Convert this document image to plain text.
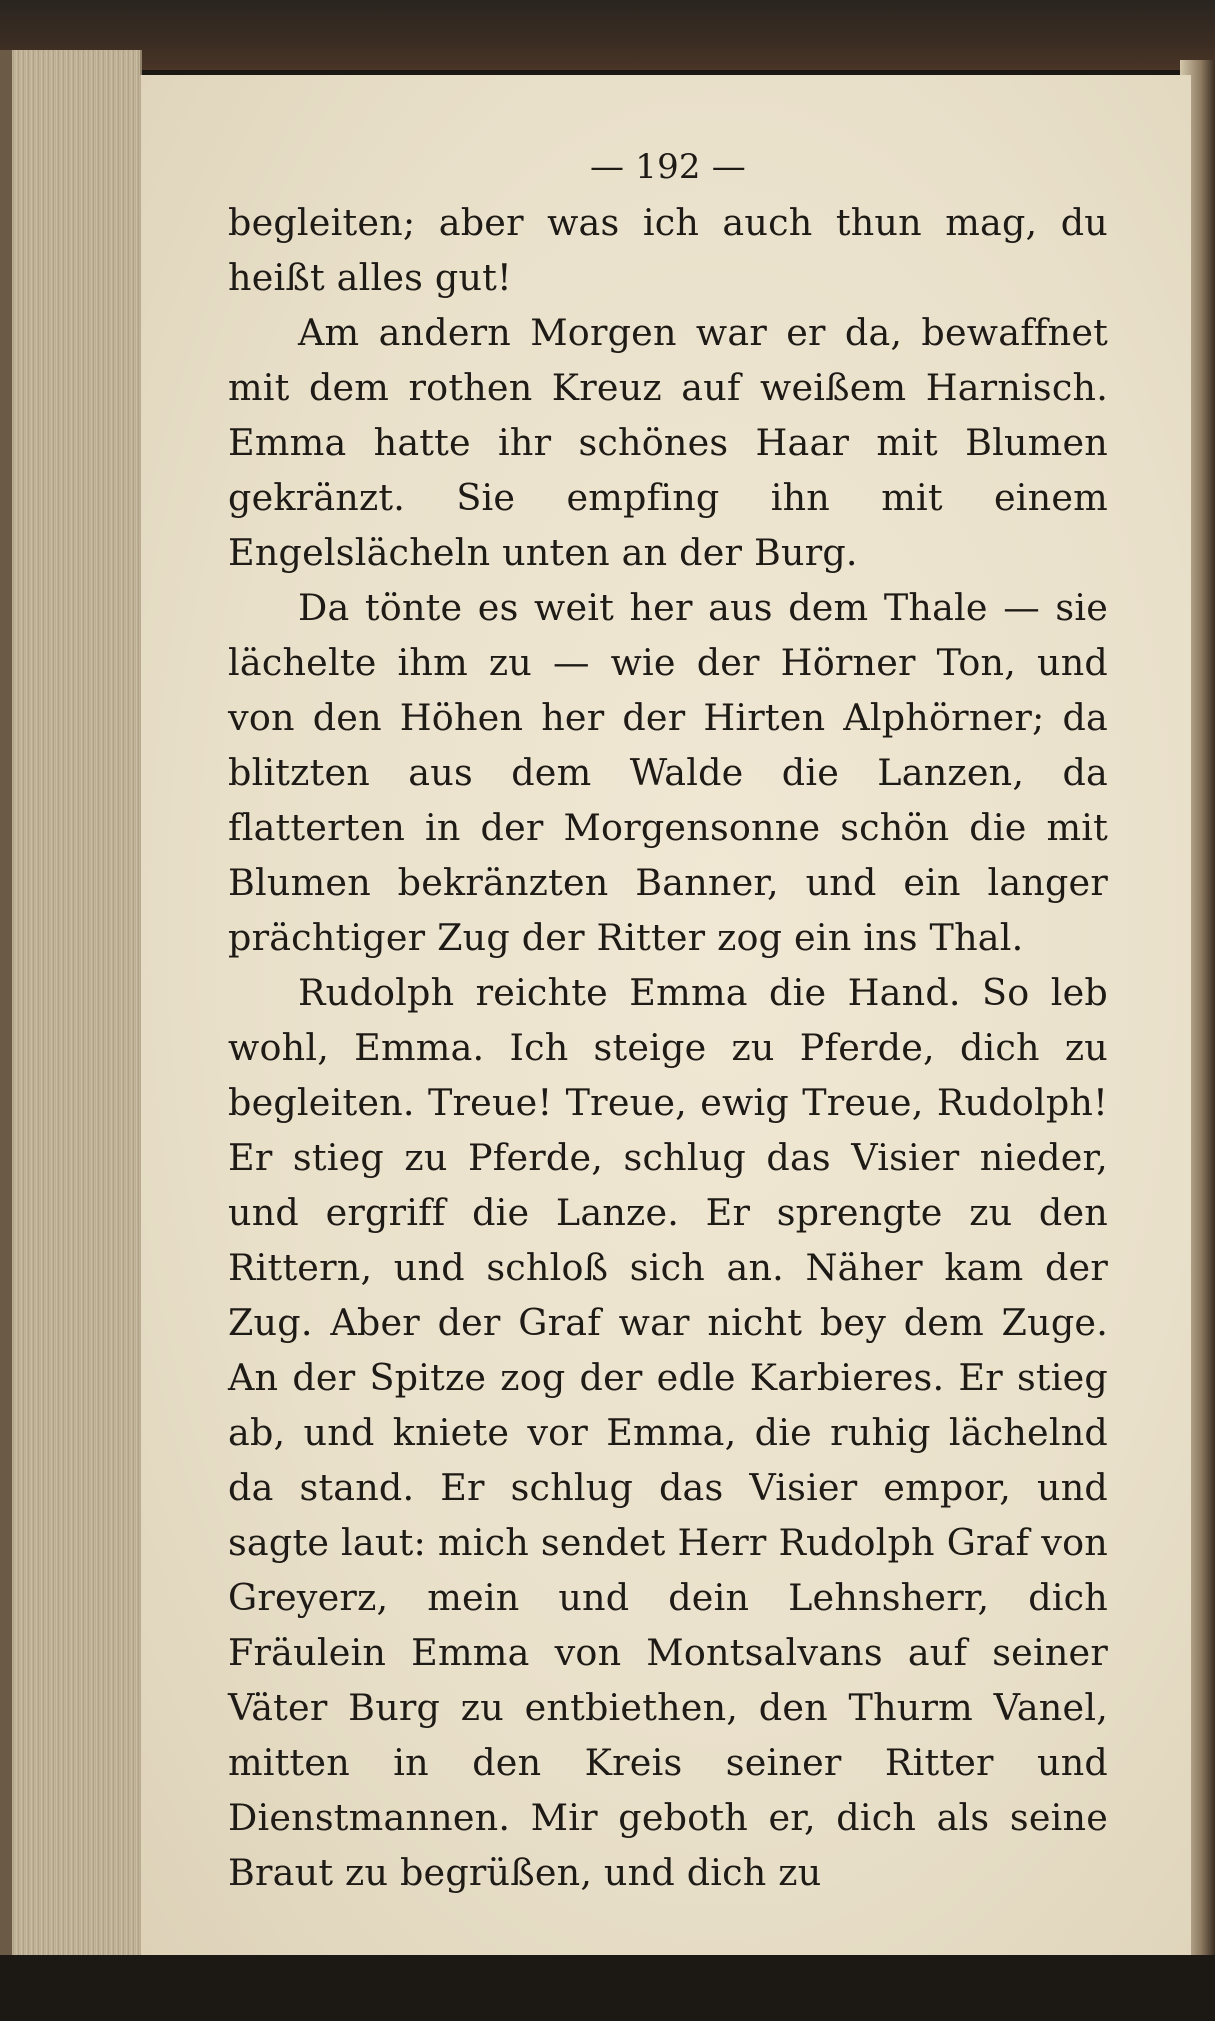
— 192 —

begleiten; aber was ich auch thun mag, du heißt alles gut!

Am andern Morgen war er da, bewaffnet mit dem rothen Kreuz auf weißem Harnisch. Emma hatte ihr schönes Haar mit Blumen gekränzt. Sie empfing ihn mit einem Engelslächeln unten an der Burg.

Da tönte es weit her aus dem Thale — sie lächelte ihm zu — wie der Hörner Ton, und von den Höhen her der Hirten Alphörner; da blitzten aus dem Walde die Lanzen, da flatterten in der Morgensonne schön die mit Blumen bekränzten Banner, und ein langer prächtiger Zug der Ritter zog ein ins Thal.

Rudolph reichte Emma die Hand. So leb wohl, Emma. Ich steige zu Pferde, dich zu begleiten. Treue! Treue, ewig Treue, Rudolph! Er stieg zu Pferde, schlug das Visier nieder, und ergriff die Lanze. Er sprengte zu den Rittern, und schloß sich an. Näher kam der Zug. Aber der Graf war nicht bey dem Zuge. An der Spitze zog der edle Karbieres. Er stieg ab, und kniete vor Emma, die ruhig lächelnd da stand. Er schlug das Visier empor, und sagte laut: mich sendet Herr Rudolph Graf von Greyerz, mein und dein Lehnsherr, dich Fräulein Emma von Montsalvans auf seiner Väter Burg zu entbiethen, den Thurm Vanel, mitten in den Kreis seiner Ritter und Dienstmannen. Mir geboth er, dich als seine Braut zu begrüßen, und dich zu
